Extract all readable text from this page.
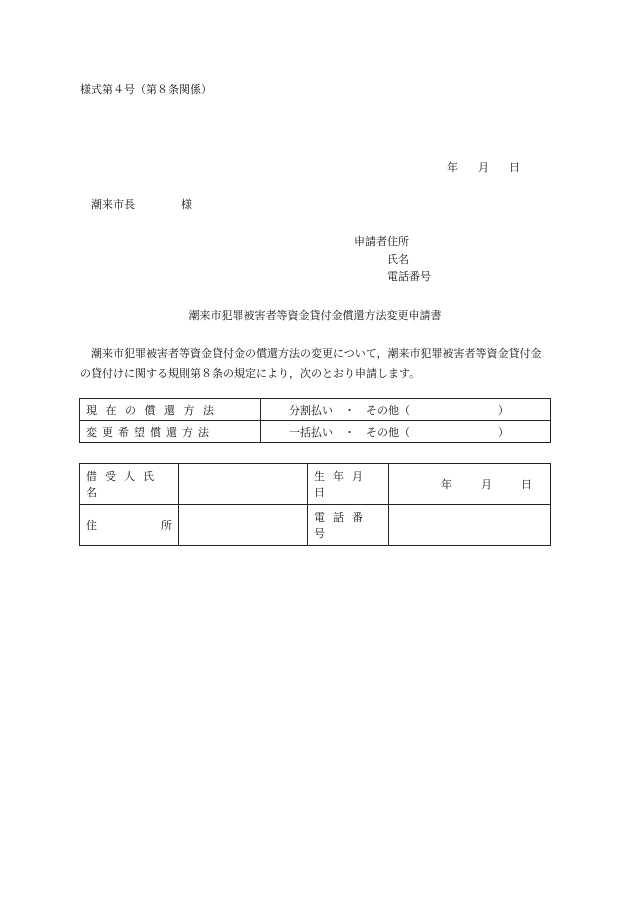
様式第４号（第８条関係）
年 月 日
潮来市長	様
申請者住所
氏名
電話番号
潮来市犯罪被害者等資金貸付金償還方法変更申請書
潮来市犯罪被害者等資金貸付金の償還方法の変更について，潮来市犯罪被害者等資金貸付金の貸付けに関する規則第８条の規定により，次のとおり申請します。
現在の償還方法	分割払い　・　その他（　　　　　　　　）
変更希望償還方法	一括払い　・　その他（　　　　　　　　）
借受人氏名		生年月日	年 月 日

住 所		電話番号	
